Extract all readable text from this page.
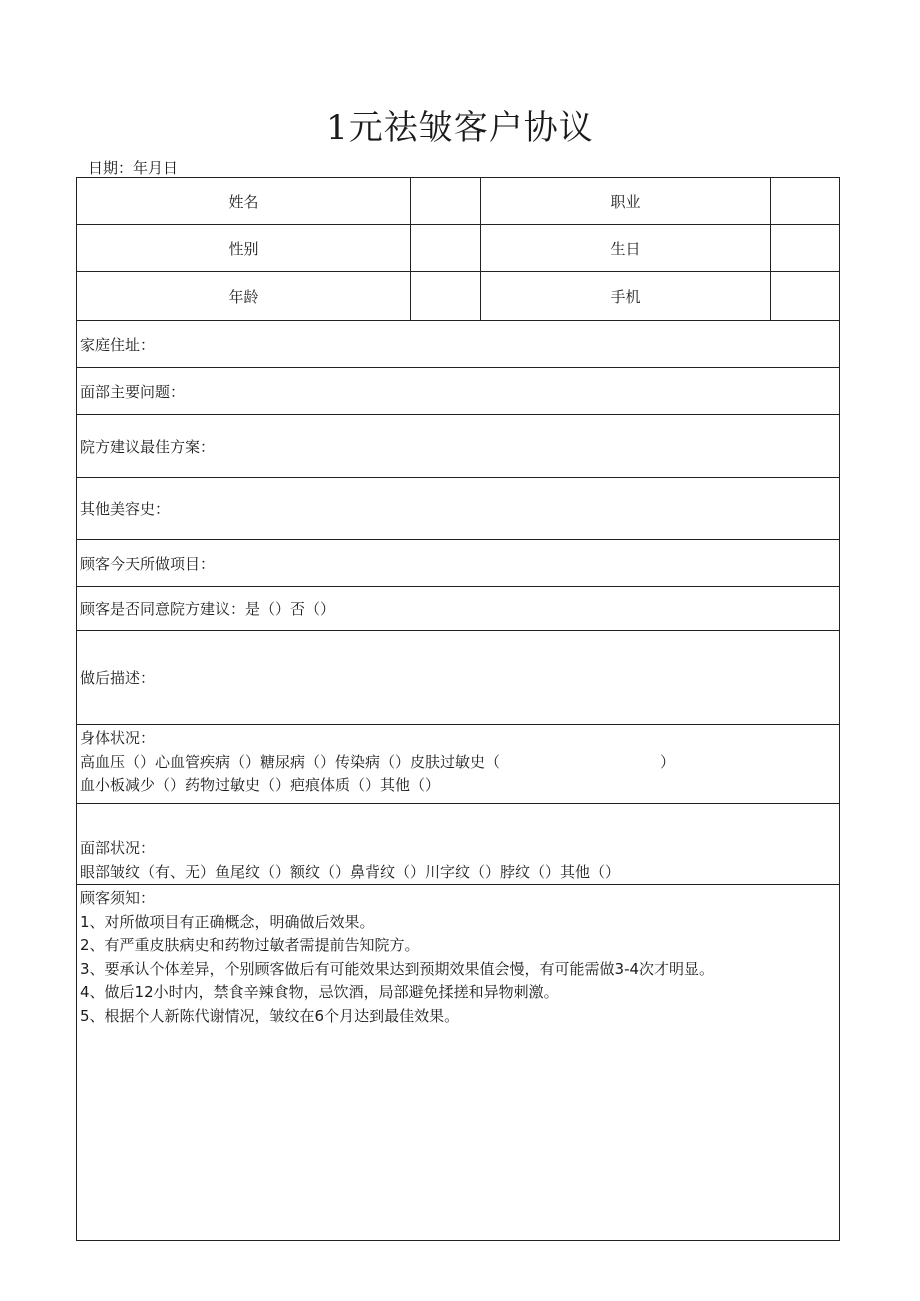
1元祛皱客户协议
日期：年月日
姓名	职业
性别	生日
年龄	手机
家庭住址：
面部主要问题：
院方建议最佳方案：
其他美容史：
顾客今天所做项目：
顾客是否同意院方建议：是（）否（）
做后描述：
身体状况：
高血压（）心血管疾病（）糖尿病（）传染病（）皮肤过敏史（	）
血小板减少（）药物过敏史（）疤痕体质（）其他（）
面部状况：
眼部皱纹（有、无）鱼尾纹（）额纹（）鼻背纹（）川字纹（）脖纹（）其他（）
顾客须知：
1、对所做项目有正确概念，明确做后效果。
2、有严重皮肤病史和药物过敏者需提前告知院方。
3、要承认个体差异，个别顾客做后有可能效果达到预期效果值会慢，有可能需做3-4次才明显。
4、做后12小时内，禁食辛辣食物，忌饮酒，局部避免揉搓和异物刺激。
5、根据个人新陈代谢情况，皱纹在6个月达到最佳效果。
